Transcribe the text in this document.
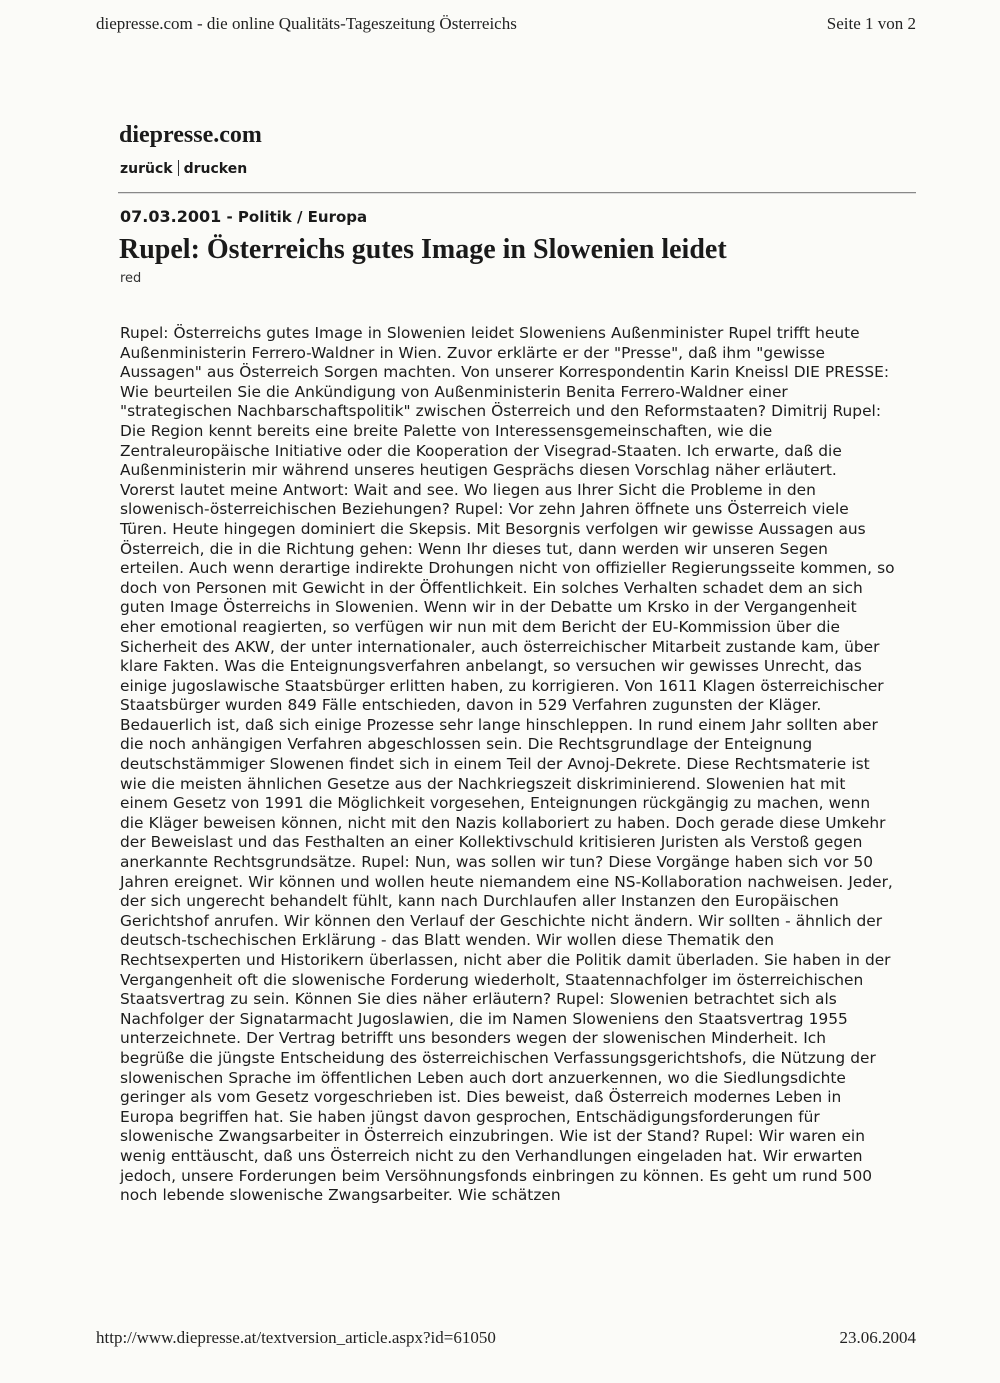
diepresse.com - die online Qualitäts-Tageszeitung Österreichs	Seite 1 von 2
diepresse.com
zurück drucken
07.03.2001 - Politik / Europa
Rupel: Österreichs gutes Image in Slowenien leidet
red

Rupel: Österreichs gutes Image in Slowenien leidet Sloweniens Außenminister Rupel trifft heute Außenministerin Ferrero-Waldner in Wien. Zuvor erklärte er der "Presse", daß ihm "gewisse Aussagen" aus Österreich Sorgen machten. Von unserer Korrespondentin Karin Kneissl DIE PRESSE: Wie beurteilen Sie die Ankündigung von Außenministerin Benita Ferrero-Waldner einer "strategischen Nachbarschaftspolitik" zwischen Österreich und den Reformstaaten? Dimitrij Rupel: Die Region kennt bereits eine breite Palette von Interessensgemeinschaften, wie die Zentraleuropäische Initiative oder die Kooperation der Visegrad-Staaten. Ich erwarte, daß die Außenministerin mir während unseres heutigen Gesprächs diesen Vorschlag näher erläutert. Vorerst lautet meine Antwort: Wait and see. Wo liegen aus Ihrer Sicht die Probleme in den slowenisch-österreichischen Beziehungen? Rupel: Vor zehn Jahren öffnete uns Österreich viele Türen. Heute hingegen dominiert die Skepsis. Mit Besorgnis verfolgen wir gewisse Aussagen aus Österreich, die in die Richtung gehen: Wenn Ihr dieses tut, dann werden wir unseren Segen erteilen. Auch wenn derartige indirekte Drohungen nicht von offizieller Regierungsseite kommen, so doch von Personen mit Gewicht in der Öffentlichkeit. Ein solches Verhalten schadet dem an sich guten Image Österreichs in Slowenien. Wenn wir in der Debatte um Krsko in der Vergangenheit eher emotional reagierten, so verfügen wir nun mit dem Bericht der EU-Kommission über die Sicherheit des AKW, der unter internationaler, auch österreichischer Mitarbeit zustande kam, über klare Fakten. Was die Enteignungsverfahren anbelangt, so versuchen wir gewisses Unrecht, das einige jugoslawische Staatsbürger erlitten haben, zu korrigieren. Von 1611 Klagen österreichischer Staatsbürger wurden 849 Fälle entschieden, davon in 529 Verfahren zugunsten der Kläger. Bedauerlich ist, daß sich einige Prozesse sehr lange hinschleppen. In rund einem Jahr sollten aber die noch anhängigen Verfahren abgeschlossen sein. Die Rechtsgrundlage der Enteignung deutschstämmiger Slowenen findet sich in einem Teil der Avnoj-Dekrete. Diese Rechtsmaterie ist wie die meisten ähnlichen Gesetze aus der Nachkriegszeit diskriminierend. Slowenien hat mit einem Gesetz von 1991 die Möglichkeit vorgesehen, Enteignungen rückgängig zu machen, wenn die Kläger beweisen können, nicht mit den Nazis kollaboriert zu haben. Doch gerade diese Umkehr der Beweislast und das Festhalten an einer Kollektivschuld kritisieren Juristen als Verstoß gegen anerkannte Rechtsgrundsätze. Rupel: Nun, was sollen wir tun? Diese Vorgänge haben sich vor 50 Jahren ereignet. Wir können und wollen heute niemandem eine NS-Kollaboration nachweisen. Jeder, der sich ungerecht behandelt fühlt, kann nach Durchlaufen aller Instanzen den Europäischen Gerichtshof anrufen. Wir können den Verlauf der Geschichte nicht ändern. Wir sollten - ähnlich der deutsch-tschechischen Erklärung - das Blatt wenden. Wir wollen diese Thematik den Rechtsexperten und Historikern überlassen, nicht aber die Politik damit überladen. Sie haben in der Vergangenheit oft die slowenische Forderung wiederholt, Staatennachfolger im österreichischen Staatsvertrag zu sein. Können Sie dies näher erläutern? Rupel: Slowenien betrachtet sich als Nachfolger der Signatarmacht Jugoslawien, die im Namen Sloweniens den Staatsvertrag 1955 unterzeichnete. Der Vertrag betrifft uns besonders wegen der slowenischen Minderheit. Ich begrüße die jüngste Entscheidung des österreichischen Verfassungsgerichtshofs, die Nützung der slowenischen Sprache im öffentlichen Leben auch dort anzuerkennen, wo die Siedlungsdichte geringer als vom Gesetz vorgeschrieben ist. Dies beweist, daß Österreich modernes Leben in Europa begriffen hat. Sie haben jüngst davon gesprochen, Entschädigungsforderungen für slowenische Zwangsarbeiter in Österreich einzubringen. Wie ist der Stand? Rupel: Wir waren ein wenig enttäuscht, daß uns Österreich nicht zu den Verhandlungen eingeladen hat. Wir erwarten jedoch, unsere Forderungen beim Versöhnungsfonds einbringen zu können. Es geht um rund 500 noch lebende slowenische Zwangsarbeiter. Wie schätzen

http://www.diepresse.at/textversion_article.aspx?id=61050	23.06.2004
